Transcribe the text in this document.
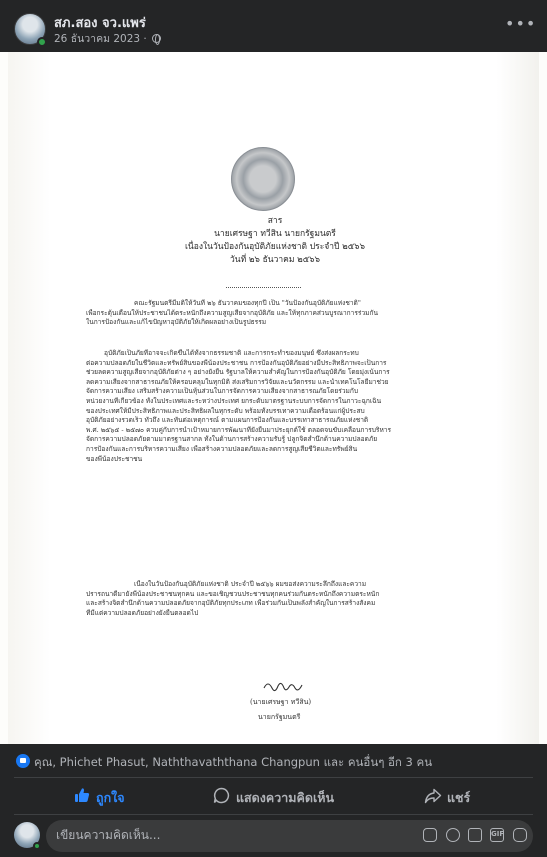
สภ.สอง จว.แพร่
26 ธันวาคม 2023 ·
•••
สาร
นายเศรษฐา ทวีสิน นายกรัฐมนตรี
เนื่องในวันป้องกันอุบัติภัยแห่งชาติ ประจำปี ๒๕๖๖
วันที่ ๒๖ ธันวาคม ๒๕๖๖
คณะรัฐมนตรีมีมติให้วันที่ ๒๖ ธันวาคมของทุกปี เป็น "วันป้องกันอุบัติภัยแห่งชาติ"
เพื่อกระตุ้นเตือนให้ประชาชนได้ตระหนักถึงความสูญเสียจากอุบัติภัย และให้ทุกภาคส่วนบูรณาการร่วมกัน
ในการป้องกันและแก้ไขปัญหาอุบัติภัยให้เกิดผลอย่างเป็นรูปธรรม
อุบัติภัยเป็นภัยที่อาจจะเกิดขึ้นได้ทั้งจากธรรมชาติ และการกระทำของมนุษย์ ซึ่งส่งผลกระทบ
ต่อความปลอดภัยในชีวิตและทรัพย์สินของพี่น้องประชาชน การป้องกันอุบัติภัยอย่างมีประสิทธิภาพจะเป็นการ
ช่วยลดความสูญเสียจากอุบัติภัยต่าง ๆ อย่างยั่งยืน รัฐบาลให้ความสำคัญในการป้องกันอุบัติภัย โดยมุ่งเน้นการ
ลดความเสี่ยงจากสาธารณภัยให้ครอบคลุมในทุกมิติ ส่งเสริมการวิจัยและนวัตกรรม และนำเทคโนโลยีมาช่วย
จัดการความเสี่ยง เสริมสร้างความเป็นหุ้นส่วนในการจัดการความเสี่ยงจากสาธารณภัยโดยร่วมกับ
หน่วยงานที่เกี่ยวข้อง ทั้งในประเทศและระหว่างประเทศ ยกระดับมาตรฐานระบบการจัดการในภาวะฉุกเฉิน
ของประเทศให้มีประสิทธิภาพและประสิทธิผลในทุกระดับ พร้อมทั้งบรรเทาความเดือดร้อนแก่ผู้ประสบ
อุบัติภัยอย่างรวดเร็ว ทั่วถึง และทันต่อเหตุการณ์ ตามแผนการป้องกันและบรรเทาสาธารณภัยแห่งชาติ
พ.ศ. ๒๕๖๕ - ๒๕๗๐ ควบคู่กับการนำเป้าหมายการพัฒนาที่ยั่งยืนมาประยุกต์ใช้ ตลอดจนขับเคลื่อนการบริหาร
จัดการความปลอดภัยตามมาตรฐานสากล ทั้งในด้านการสร้างความรับรู้ ปลูกจิตสำนึกด้านความปลอดภัย
การป้องกันและการบริหารความเสี่ยง เพื่อสร้างความปลอดภัยและลดการสูญเสียชีวิตและทรัพย์สิน
ของพี่น้องประชาชน
เนื่องในวันป้องกันอุบัติภัยแห่งชาติ ประจำปี ๒๕๖๖ ผมขอส่งความระลึกถึงและความ
ปรารถนาดีมายังพี่น้องประชาชนทุกคน และขอเชิญชวนประชาชนทุกคนร่วมกันตระหนักถึงความตระหนัก
และสร้างจิตสำนึกด้านความปลอดภัยจากอุบัติภัยทุกประเภท เพื่อร่วมกันเป็นพลังสำคัญในการสร้างสังคม
ที่มีแต่ความปลอดภัยอย่างยั่งยืนตลอดไป
(นายเศรษฐา ทวีสิน)
นายกรัฐมนตรี
คุณ, Phichet Phasut, Naththavaththana Changpun และ คนอื่นๆ อีก 3 คน
ถูกใจ	แสดงความคิดเห็น	แชร์
เขียนความคิดเห็น...	GIF
